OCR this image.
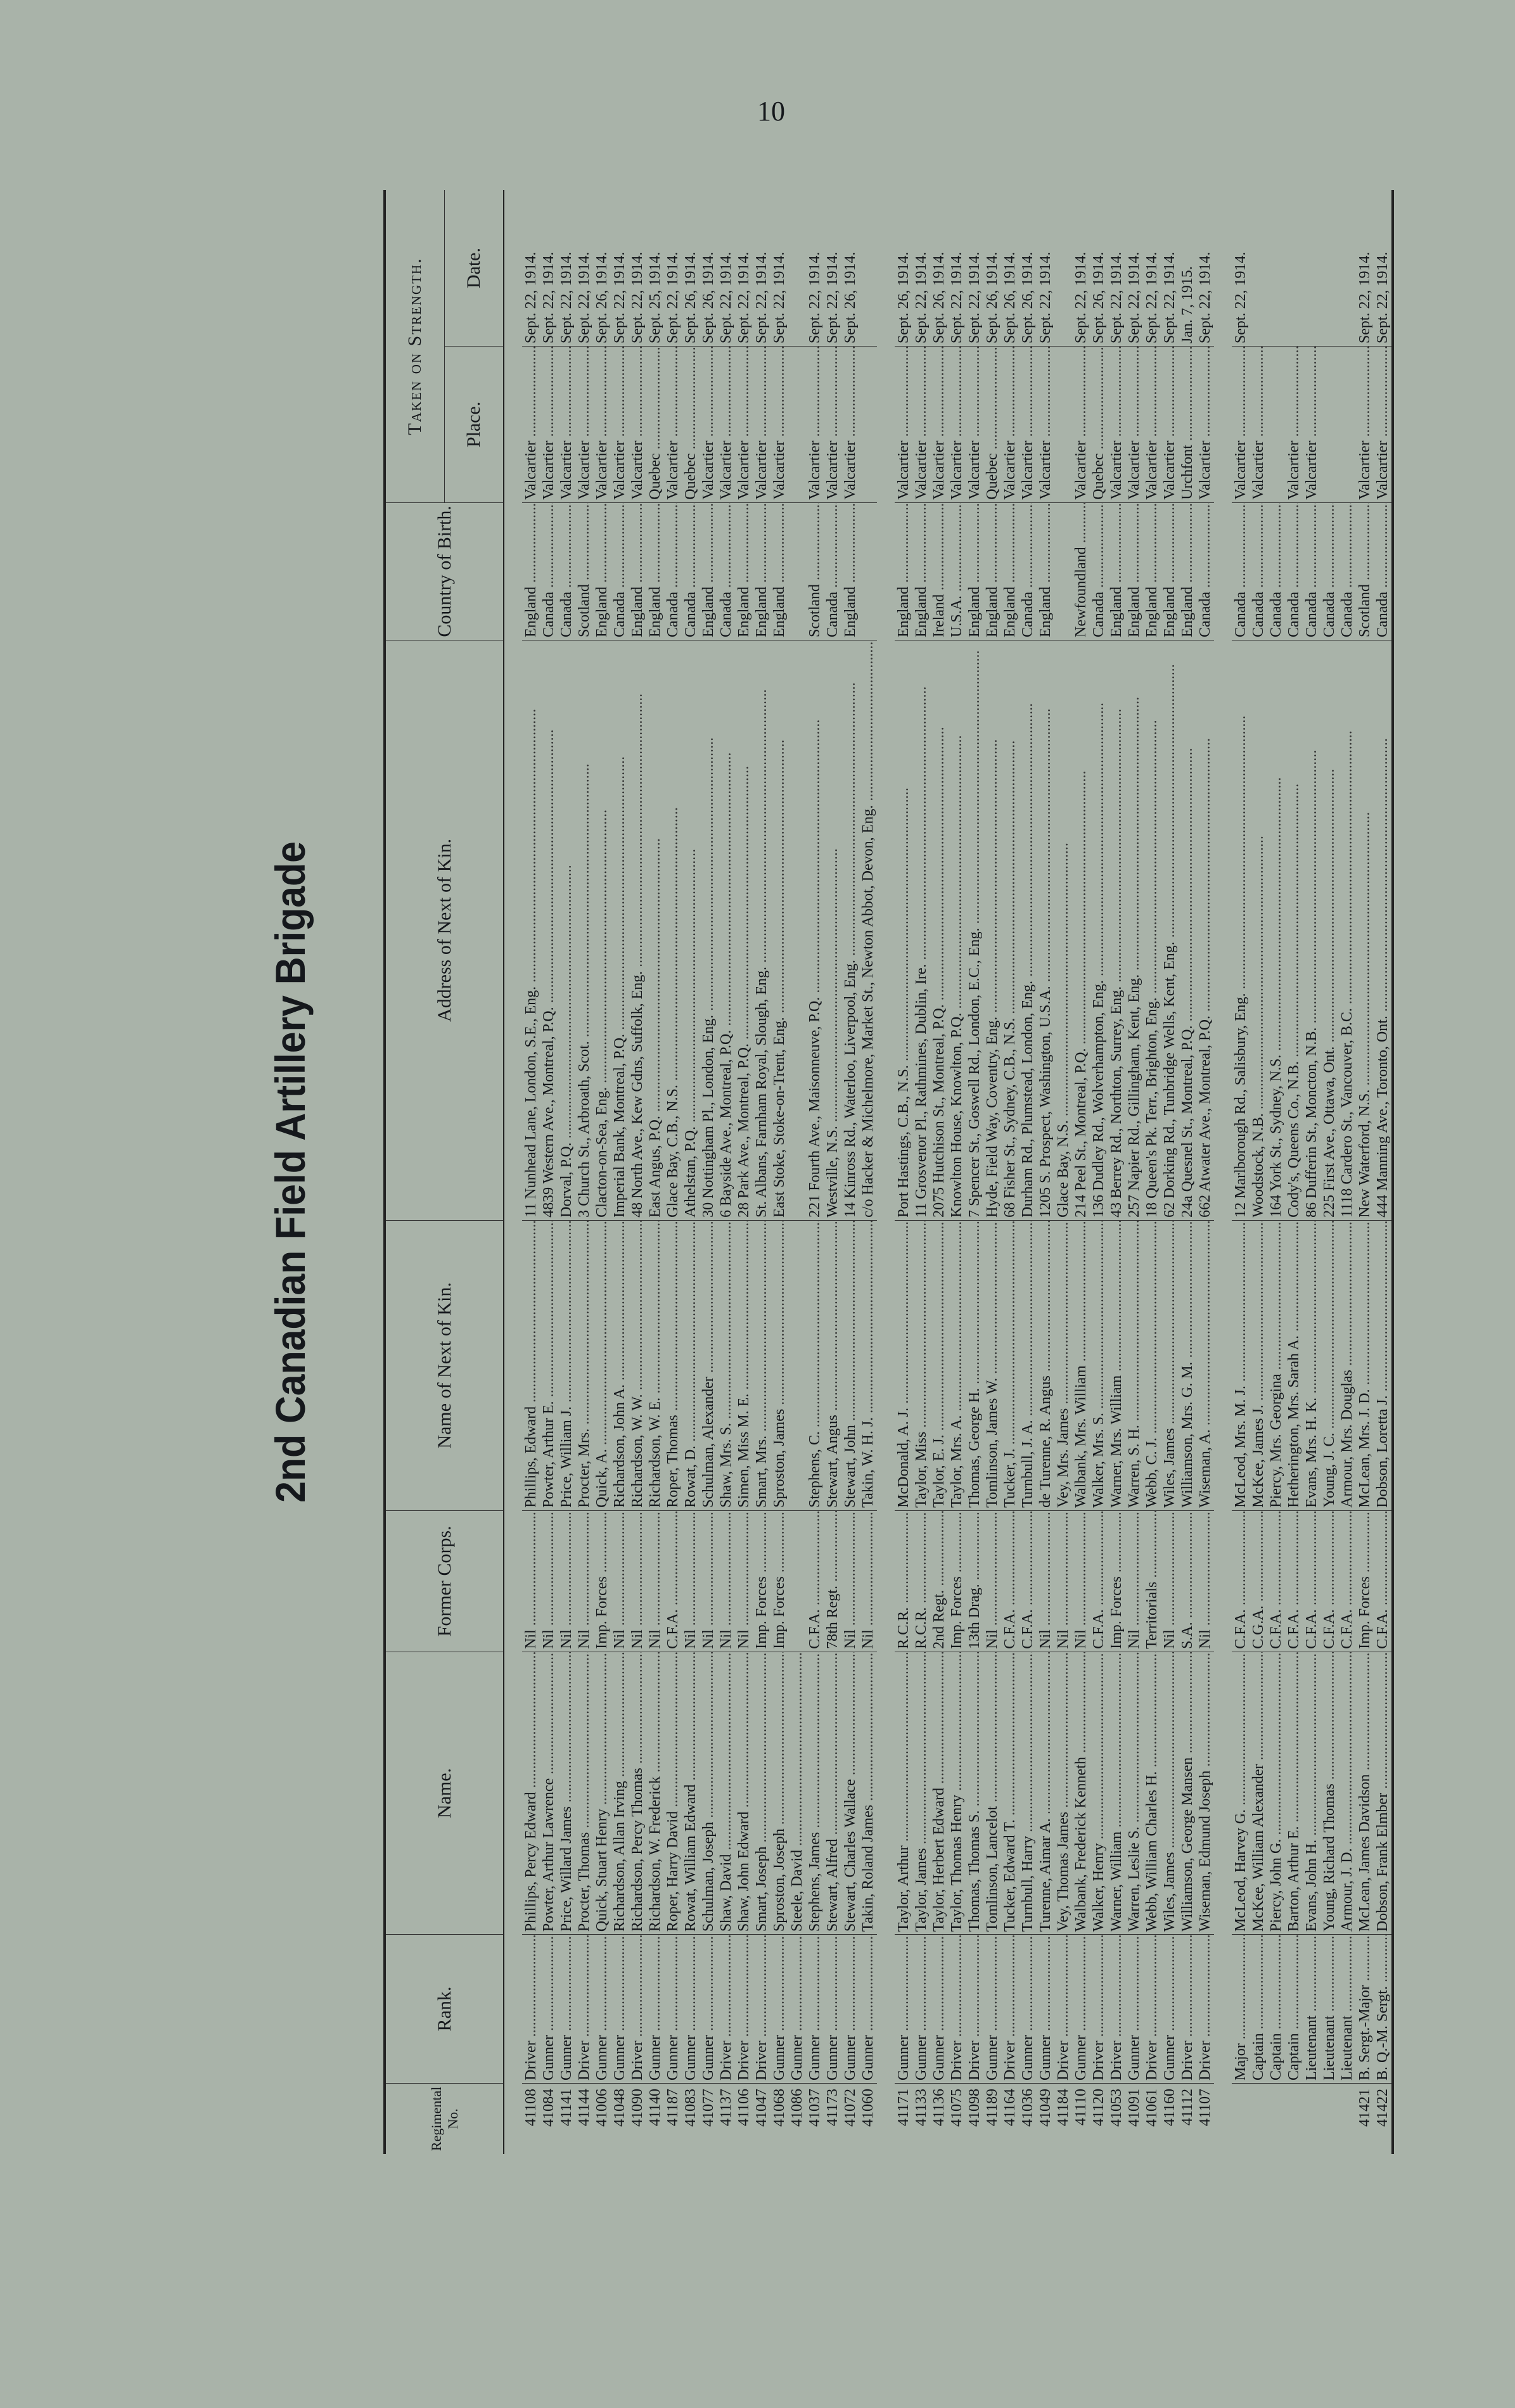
10
2nd Canadian Field Artillery Brigade
Regimental No.	Rank.	Name.	Former Corps.	Name of Next of Kin.	Address of Next of Kin.	Country of Birth.	Taken on Strength.	
							Place.	Date.

41108	Driver .....	Phillips, Percy Edward .....	Nil .....	Phillips, Edward .....	11 Nunhead Lane, London, S.E., Eng. .....	England .....	Valcartier .....	Sept. 22, 1914.
41084	Gunner .....	Powter, Arthur Lawrence .....	Nil .....	Powter, Arthur E. .....	4839 Western Ave., Montreal, P.Q. .....	Canada .....	Valcartier .....	Sept. 22, 1914.
41141	Gunner .....	Price, Willard James .....	Nil .....	Price, William J. .....	Dorval, P.Q. .....	Canada .....	Valcartier .....	Sept. 22, 1914.
41144	Driver .....	Procter, Thomas .....	Nil .....	Procter, Mrs. .....	3 Church St., Arbroath, Scot. .....	Scotland .....	Valcartier .....	Sept. 22, 1914.
41006	Gunner .....	Quick, Stuart Henry .....	Imp. Forces .....	Quick, A. .....	Clacton-on-Sea, Eng. .....	England .....	Valcartier .....	Sept. 26, 1914.
41048	Gunner .....	Richardson, Allan Irving .....	Nil .....	Richardson, John A. .....	Imperial Bank, Montreal, P.Q. .....	Canada .....	Valcartier .....	Sept. 22, 1914.
41090	Driver .....	Richardson, Percy Thomas .....	Nil .....	Richardson, W. W. .....	48 North Ave., Kew Gdns, Suffolk, Eng. .....	England .....	Valcartier .....	Sept. 22, 1914.
41140	Gunner .....	Richardson, W. Frederick .....	Nil .....	Richardson, W. E. .....	East Angus, P.Q. .....	England .....	Quebec .....	Sept. 25, 1914.
41187	Gunner .....	Roper, Harry David .....	C.F.A. .....	Roper, Thomas .....	Glace Bay, C.B., N.S. .....	Canada .....	Valcartier .....	Sept. 22, 1914.
41083	Gunner .....	Rowat, William Edward .....	Nil .....	Rowat, D. .....	Athelstan, P.Q. .....	Canada .....	Quebec .....	Sept. 26, 1914.
41077	Gunner .....	Schulman, Joseph .....	Nil .....	Schulman, Alexander .....	30 Nottingham Pl., London, Eng. .....	England .....	Valcartier .....	Sept. 26, 1914.
41137	Driver .....	Shaw, David .....	Nil .....	Shaw, Mrs. S. .....	6 Bayside Ave., Montreal, P.Q. .....	Canada .....	Valcartier .....	Sept. 22, 1914.
41106	Driver .....	Shaw, John Edward .....	Nil .....	Simen, Miss M. E. .....	28 Park Ave., Montreal, P.Q. .....	England .....	Valcartier .....	Sept. 22, 1914.
41047	Driver .....	Smart, Joseph .....	Imp. Forces .....	Smart, Mrs. .....	St. Albans, Farnham Royal, Slough, Eng. .....	England .....	Valcartier .....	Sept. 22, 1914.
41068	Gunner .....	Sproston, Joseph .....	Imp. Forces .....	Sproston, James .....	East Stoke, Stoke-on-Trent, Eng. .....	England .....	Valcartier .....	Sept. 22, 1914.
41086	Gunner .....	Steele, David .....						
41037	Gunner .....	Stephens, James .....	C.F.A. .....	Stephens, C. .....	221 Fourth Ave., Maisonneuve, P.Q. .....	Scotland .....	Valcartier .....	Sept. 22, 1914.
41173	Gunner .....	Stewart, Alfred .....	78th Regt. .....	Stewart, Angus .....	Westville, N.S. .....	Canada .....	Valcartier .....	Sept. 22, 1914.
41072	Gunner .....	Stewart, Charles Wallace .....	Nil .....	Stewart, John .....	14 Kinross Rd., Waterloo, Liverpool, Eng. .....	England .....	Valcartier .....	Sept. 26, 1914.
41060	Gunner .....	Takin, Roland James .....	Nil .....	Takin, W. H. J. .....	c/o Hacker & Michelmore, Market St., Newton Abbot, Devon, Eng. .....			

41171	Gunner .....	Taylor, Arthur .....	R.C.R. .....	McDonald, A. J. .....	Port Hastings, C.B., N.S. .....	England .....	Valcartier .....	Sept. 26, 1914.
41133	Gunner .....	Taylor, James .....	R.C.R. .....	Taylor, Miss .....	11 Grosvenor Pl., Rathmines, Dublin, Ire. .....	England .....	Valcartier .....	Sept. 22, 1914.
41136	Gunner .....	Taylor, Herbert Edward .....	2nd Regt. .....	Taylor, E. J. .....	2075 Hutchison St., Montreal, P.Q. .....	Ireland .....	Valcartier .....	Sept. 26, 1914.
41075	Driver .....	Taylor, Thomas Henry .....	Imp. Forces .....	Taylor, Mrs. A. .....	Knowlton House, Knowlton, P.Q. .....	U.S.A. .....	Valcartier .....	Sept. 22, 1914.
41098	Driver .....	Thomas, Thomas S. .....	13th Drag. .....	Thomas, George H. .....	7 Spencer St., Goswell Rd., London, E.C., Eng. .....	England .....	Valcartier .....	Sept. 22, 1914.
41189	Gunner .....	Tomlinson, Lancelot .....	Nil .....	Tomlinson, James W. .....	Hyde, Field Way, Coventry, Eng. .....	England .....	Quebec .....	Sept. 26, 1914.
41164	Driver .....	Tucker, Edward T. .....	C.F.A. .....	Tucker, J. .....	68 Fisher St., Sydney, C.B., N.S. .....	England .....	Valcartier .....	Sept. 26, 1914.
41036	Gunner .....	Turnbull, Harry .....	C.F.A. .....	Turnbull, J. A. .....	Durham Rd., Plumstead, London, Eng. .....	Canada .....	Valcartier .....	Sept. 26, 1914.
41049	Gunner .....	Turenne, Aimar A. .....	Nil .....	de Turenne, R. Angus .....	1205 S. Prospect, Washington, U.S.A. .....	England .....	Valcartier .....	Sept. 22, 1914.
41184	Driver .....	Vey, Thomas James .....	Nil .....	Vey, Mrs. James .....	Glace Bay, N.S. .....			
41110	Gunner .....	Walbank, Frederick Kenneth .....	Nil .....	Walbank, Mrs. William .....	214 Peel St., Montreal, P.Q. .....	Newfoundland .....	Valcartier .....	Sept. 22, 1914.
41120	Driver .....	Walker, Henry .....	C.F.A. .....	Walker, Mrs. S. .....	136 Dudley Rd., Wolverhampton, Eng. .....	Canada .....	Quebec .....	Sept. 26, 1914.
41053	Driver .....	Warner, William .....	Imp. Forces .....	Warner, Mrs. William .....	43 Berrey Rd., Northton, Surrey, Eng. .....	England .....	Valcartier .....	Sept. 22, 1914.
41091	Gunner .....	Warren, Leslie S. .....	Nil .....	Warren, S. H. .....	257 Napier Rd., Gillingham, Kent, Eng. .....	England .....	Valcartier .....	Sept. 22, 1914.
41061	Driver .....	Webb, William Charles H. .....	Territorials .....	Webb, C. J. .....	18 Queen's Pk. Terr., Brighton, Eng. .....	England .....	Valcartier .....	Sept. 22, 1914.
41160	Gunner .....	Wiles, James .....	Nil .....	Wiles, James .....	62 Dorking Rd., Tunbridge Wells, Kent, Eng. .....	England .....	Valcartier .....	Sept. 22, 1914.
41112	Driver .....	Williamson, George Mansen .....	S.A. .....	Williamson, Mrs. G. M. .....	24a Quesnel St., Montreal, P.Q. .....	England .....	Urchfont .....	Jan. 7, 1915.
41107	Driver .....	Wiseman, Edmund Joseph .....	Nil .....	Wiseman, A. .....	662 Atwater Ave., Montreal, P.Q. .....	Canada .....	Valcartier .....	Sept. 22, 1914.

	Major .....	McLeod, Harvey G. .....	C.F.A. .....	McLeod, Mrs. M. J. .....	12 Marlborough Rd., Salisbury, Eng. .....	Canada .....	Valcartier .....	Sept. 22, 1914.
	Captain .....	McKee, William Alexander .....	C.G.A. .....	McKee, James J. .....	Woodstock, N.B. .....	Canada .....	Valcartier .....	
	Captain .....	Piercy, John G. .....	C.F.A. .....	Piercy, Mrs. Georgina .....	164 York St., Sydney, N.S. .....	Canada .....		
	Captain .....	Barton, Arthur E. .....	C.F.A. .....	Hetherington, Mrs. Sarah A. .....	Cody's, Queens Co., N.B. .....	Canada .....	Valcartier .....	
	Lieutenant .....	Evans, John H. .....	C.F.A. .....	Evans, Mrs. H. K. .....	86 Dufferin St., Moncton, N.B. .....	Canada .....	Valcartier .....	
	Lieutenant .....	Young, Richard Thomas .....	C.F.A. .....	Young, J. C. .....	225 First Ave., Ottawa, Ont. .....	Canada .....		
	Lieutenant .....	Armour, J. D. .....	C.F.A. .....	Armour, Mrs. Douglas .....	1118 Cardero St., Vancouver, B.C. .....	Canada .....		
41421	B. Sergt.-Major .....	McLean, James Davidson .....	Imp. Forces .....	McLean, Mrs. J. D. .....	New Waterford, N.S. .....	Scotland .....	Valcartier .....	Sept. 22, 1914.
41422	B. Q.-M. Sergt. .....	Dobson, Frank Elmber .....	C.F.A. .....	Dobson, Loretta J. .....	444 Manning Ave., Toronto, Ont. .....	Canada .....	Valcartier .....	Sept. 22, 1914.
